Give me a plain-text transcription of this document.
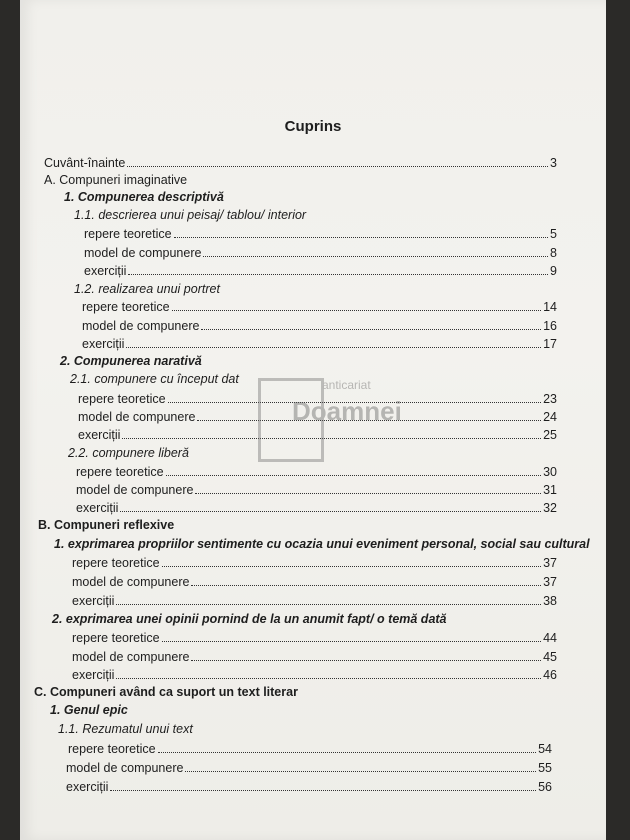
Cuprins
Cuvânt-înainte	3
A. Compuneri imaginative
1. Compunerea descriptivă
1.1. descrierea unui peisaj/ tablou/ interior
repere teoretice	5
model de compunere	8
exerciții	9
1.2. realizarea unui portret
repere teoretice	14
model de compunere	16
exerciții	17
2. Compunerea narativă
2.1. compunere cu început dat
repere teoretice	23
model de compunere	24
exerciții	25
2.2. compunere liberă
repere teoretice	30
model de compunere	31
exerciții	32
B. Compuneri reflexive
1. exprimarea propriilor sentimente cu ocazia unui eveniment personal, social sau cultural
repere teoretice	37
model de compunere	37
exerciții	38
2. exprimarea unei opinii pornind de la un anumit fapt/ o temă dată
repere teoretice	44
model de compunere	45
exerciții	46
C. Compuneri având ca suport un text literar
1. Genul epic
1.1. Rezumatul unui text
repere teoretice	54
model de compunere	55
exerciții	56
anticariat
Doamnei
